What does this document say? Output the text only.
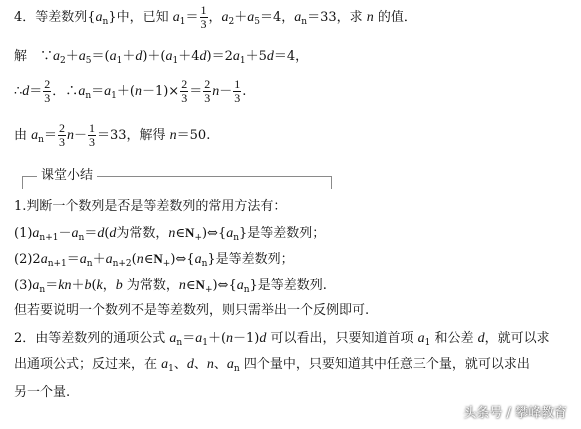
4．等差数列$\{a_n\}$中，已知 $a_1= \frac{1}{3}$ ，$a_2+a_5=4$，$a_n=33$，求 n 的值．
解　$\because a_2+a_5=(a_1+d)+(a_1+4d)=2a_1+5d=4$，
∴d＝ $\frac{2}{3}$ ．$\therefore a_n=a_1+(n-1)\times \frac{2}{3} = \frac{2}{3} n- \frac{1}{3}$ .
由 $a_n= \frac{2}{3} n- \frac{1}{3} =33$，解得 n＝50.
课堂小结
1.判断一个数列是否是等差数列的常用方法有：
$(1)a_{n+1}-a_n=d(d$为常数，$n\in N_+)\Leftrightarrow\{a_n\}$是等差数列；
$(2)2a_{n+1}=a_n+a_{n+2}(n\in N_+)\Leftrightarrow\{a_n\}$是等差数列；
$(3)a_n=kn+b(k$，b 为常数，$n\in N_+)\Leftrightarrow\{a_n\}$是等差数列.
但若要说明一个数列不是等差数列，则只需举出一个反例即可.
2．由等差数列的通项公式 $a_n=a_1+(n-1)d$ 可以看出，只要知道首项 $a_1$ 和公差 d，就可以求
出通项公式；反过来，在 $a_1$、d、n、$a_n$ 四个量中，只要知道其中任意三个量，就可以求出
另一个量.
头条号 / 攀峰教育
